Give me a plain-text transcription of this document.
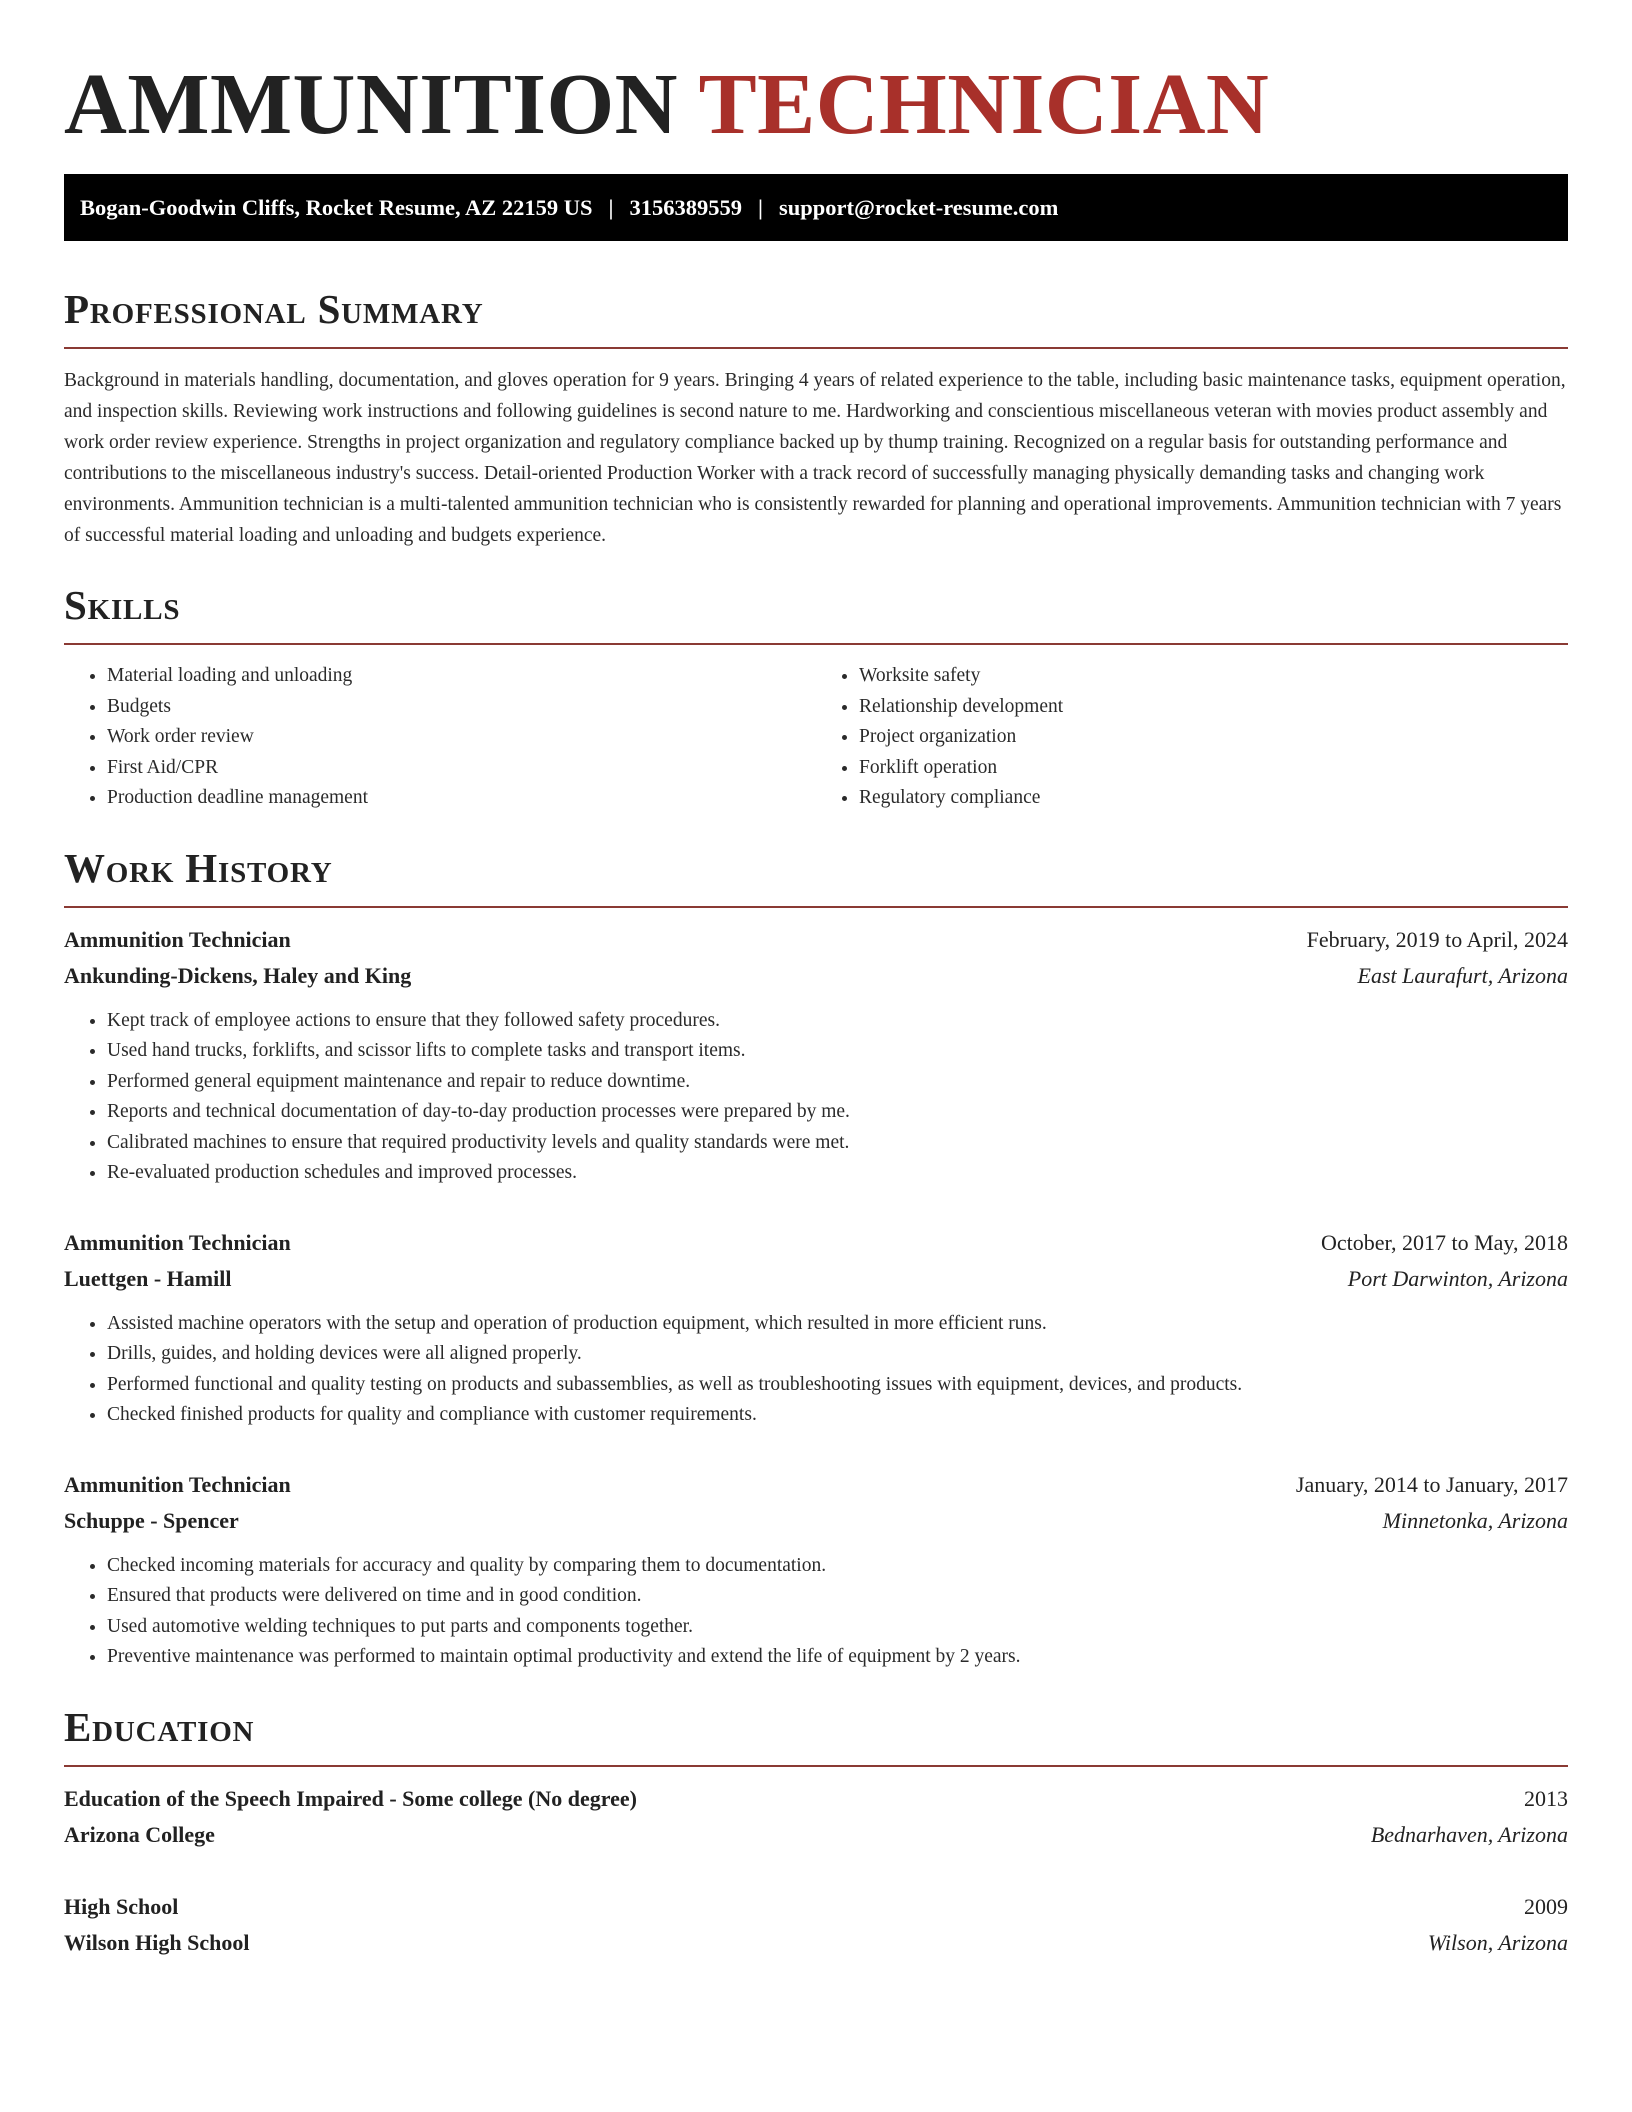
AMMUNITION TECHNICIAN
Bogan-Goodwin Cliffs, Rocket Resume, AZ 22159 US | 3156389559 | support@rocket-resume.com
Professional Summary

Background in materials handling, documentation, and gloves operation for 9 years. Bringing 4 years of related experience to the table, including basic maintenance tasks, equipment operation, and inspection skills. Reviewing work instructions and following guidelines is second nature to me. Hardworking and conscientious miscellaneous veteran with movies product assembly and work order review experience. Strengths in project organization and regulatory compliance backed up by thump training. Recognized on a regular basis for outstanding performance and contributions to the miscellaneous industry's success. Detail-oriented Production Worker with a track record of successfully managing physically demanding tasks and changing work environments. Ammunition technician is a multi-talented ammunition technician who is consistently rewarded for planning and operational improvements. Ammunition technician with 7 years of successful material loading and unloading and budgets experience.

Skills
• Material loading and unloading
• Budgets
• Work order review
• First Aid/CPR
• Production deadline management
• Worksite safety
• Relationship development
• Project organization
• Forklift operation
• Regulatory compliance
Work History
Ammunition Technician	February, 2019 to April, 2024
Ankunding-Dickens, Haley and King	East Laurafurt, Arizona
• Kept track of employee actions to ensure that they followed safety procedures.
• Used hand trucks, forklifts, and scissor lifts to complete tasks and transport items.
• Performed general equipment maintenance and repair to reduce downtime.
• Reports and technical documentation of day-to-day production processes were prepared by me.
• Calibrated machines to ensure that required productivity levels and quality standards were met.
• Re-evaluated production schedules and improved processes.
Ammunition Technician	October, 2017 to May, 2018
Luettgen - Hamill	Port Darwinton, Arizona
• Assisted machine operators with the setup and operation of production equipment, which resulted in more efficient runs.
• Drills, guides, and holding devices were all aligned properly.
• Performed functional and quality testing on products and subassemblies, as well as troubleshooting issues with equipment, devices, and products.
• Checked finished products for quality and compliance with customer requirements.
Ammunition Technician	January, 2014 to January, 2017
Schuppe - Spencer	Minnetonka, Arizona
• Checked incoming materials for accuracy and quality by comparing them to documentation.
• Ensured that products were delivered on time and in good condition.
• Used automotive welding techniques to put parts and components together.
• Preventive maintenance was performed to maintain optimal productivity and extend the life of equipment by 2 years.
Education
Education of the Speech Impaired - Some college (No degree)	2013
Arizona College	Bednarhaven, Arizona
High School	2009
Wilson High School	Wilson, Arizona
